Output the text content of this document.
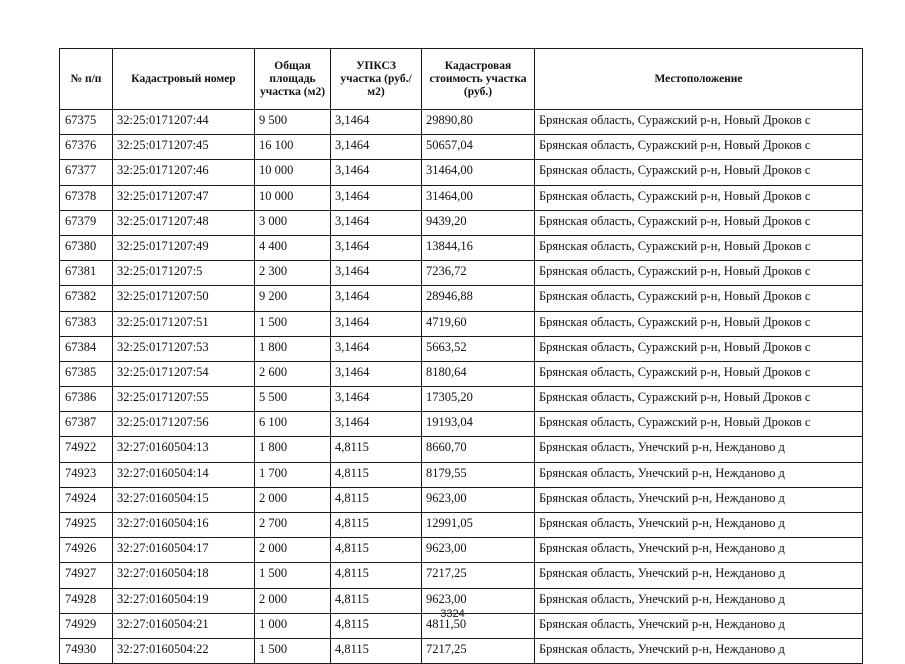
№ п/п	Кадастровый номер	Общая площадь участка (м2)	УПКСЗ участка (руб./м2)	Кадастровая стоимость участка (руб.)	Местоположение
67375	32:25:0171207:44	9 500	3,1464	29890,80	Брянская область, Суражский р-н, Новый Дроков с
67376	32:25:0171207:45	16 100	3,1464	50657,04	Брянская область, Суражский р-н, Новый Дроков с
67377	32:25:0171207:46	10 000	3,1464	31464,00	Брянская область, Суражский р-н, Новый Дроков с
67378	32:25:0171207:47	10 000	3,1464	31464,00	Брянская область, Суражский р-н, Новый Дроков с
67379	32:25:0171207:48	3 000	3,1464	9439,20	Брянская область, Суражский р-н, Новый Дроков с
67380	32:25:0171207:49	4 400	3,1464	13844,16	Брянская область, Суражский р-н, Новый Дроков с
67381	32:25:0171207:5	2 300	3,1464	7236,72	Брянская область, Суражский р-н, Новый Дроков с
67382	32:25:0171207:50	9 200	3,1464	28946,88	Брянская область, Суражский р-н, Новый Дроков с
67383	32:25:0171207:51	1 500	3,1464	4719,60	Брянская область, Суражский р-н, Новый Дроков с
67384	32:25:0171207:53	1 800	3,1464	5663,52	Брянская область, Суражский р-н, Новый Дроков с
67385	32:25:0171207:54	2 600	3,1464	8180,64	Брянская область, Суражский р-н, Новый Дроков с
67386	32:25:0171207:55	5 500	3,1464	17305,20	Брянская область, Суражский р-н, Новый Дроков с
67387	32:25:0171207:56	6 100	3,1464	19193,04	Брянская область, Суражский р-н, Новый Дроков с
74922	32:27:0160504:13	1 800	4,8115	8660,70	Брянская область, Унечский р-н, Нежданово д
74923	32:27:0160504:14	1 700	4,8115	8179,55	Брянская область, Унечский р-н, Нежданово д
74924	32:27:0160504:15	2 000	4,8115	9623,00	Брянская область, Унечский р-н, Нежданово д
74925	32:27:0160504:16	2 700	4,8115	12991,05	Брянская область, Унечский р-н, Нежданово д
74926	32:27:0160504:17	2 000	4,8115	9623,00	Брянская область, Унечский р-н, Нежданово д
74927	32:27:0160504:18	1 500	4,8115	7217,25	Брянская область, Унечский р-н, Нежданово д
74928	32:27:0160504:19	2 000	4,8115	9623,00	Брянская область, Унечский р-н, Нежданово д
74929	32:27:0160504:21	1 000	4,8115	4811,50	Брянская область, Унечский р-н, Нежданово д
74930	32:27:0160504:22	1 500	4,8115	7217,25	Брянская область, Унечский р-н, Нежданово д
3324
